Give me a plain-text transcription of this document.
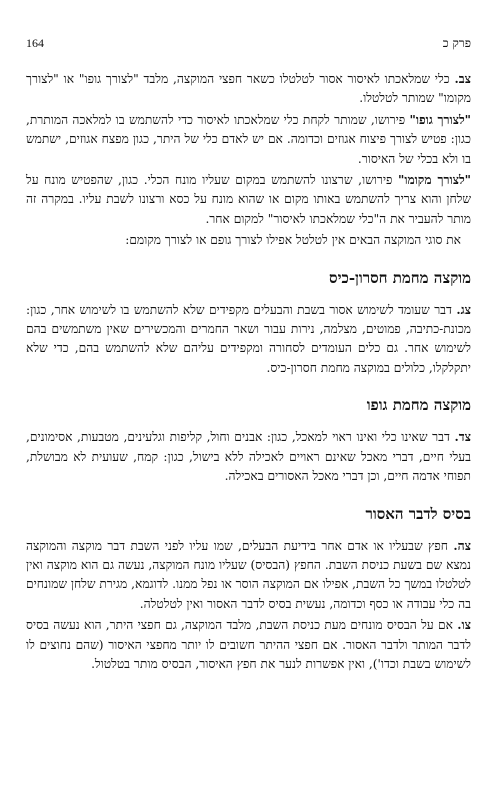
164	פרק כ

צב. כלי שמלאכתו לאיסור אסור לטלטלו כשאר חפצי המוקצה, מלבד "לצורך גופו" או "לצורך מקומו" שמותר לטלטלו.

"לצורך גופו" פירושו, שמותר לקחת כלי שמלאכתו לאיסור כדי להשתמש בו למלאכה המותרת, כגון: פטיש לצורך פיצוח אגוזים וכדומה. אם יש לאדם כלי של היתר, כגון מפצח אגוזים, ישתמש בו ולא בכלי של האיסור.

"לצורך מקומו" פירושו, שרצונו להשתמש במקום שעליו מונח הכלי. כגון, שהפטיש מונח על שלחן והוא צריך להשתמש באותו מקום או שהוא מונח על כסא ורצונו לשבת עליו. במקרה זה מותר להעביר את ה"כלי שמלאכתו לאיסור" למקום אחר.

את סוגי המוקצה הבאים אין לטלטל אפילו לצורך גופם או לצורך מקומם:

מוקצה מחמת חסרון-כיס

צג. דבר שעומד לשימוש אסור בשבת והבעלים מקפידים שלא להשתמש בו לשימוש אחר, כגון: מכונת-כתיבה, פמוטים, מצלמה, נירות עבור ושאר החמרים והמכשירים שאין משתמשים בהם לשימוש אחר. גם כלים העומדים לסחורה ומקפידים עליהם שלא להשתמש בהם, כדי שלא יתקלקלו, כלולים במוקצה מחמת חסרון-כיס.

מוקצה מחמת גופו

צד. דבר שאינו כלי ואינו ראוי למאכל, כגון: אבנים וחול, קליפות וגלעינים, מטבעות, אסימונים, בעלי חיים, דברי מאכל שאינם ראויים לאכילה ללא בישול, כגון: קמח, שעועית לא מבושלת, תפוחי אדמה חיים, וכן דברי מאכל האסורים באכילה.

בסיס לדבר האסור

צה. חפץ שבעליו או אדם אחר בידיעת הבעלים, שמו עליו לפני השבת דבר מוקצה והמוקצה נמצא שם בשעת כניסת השבת. החפץ (הבסיס) שעליו מונח המוקצה, נעשה גם הוא מוקצה ואין לטלטלו במשך כל השבת, אפילו אם המוקצה הוסר או נפל ממנו. לדוגמא, מגירת שלחן שמונחים בה כלי עבודה או כסף וכדומה, נעשית בסיס לדבר האסור ואין לטלטלה.

צו. אם על הבסיס מונחים מעת כניסת השבת, מלבד המוקצה, גם חפצי היתר, הוא נעשה בסיס לדבר המותר ולדבר האסור. אם חפצי ההיתר חשובים לו יותר מחפצי האיסור (שהם נחוצים לו לשימוש בשבת וכדו'), ואין אפשרות לנער את חפץ האיסור, הבסיס מותר בטלטול.
